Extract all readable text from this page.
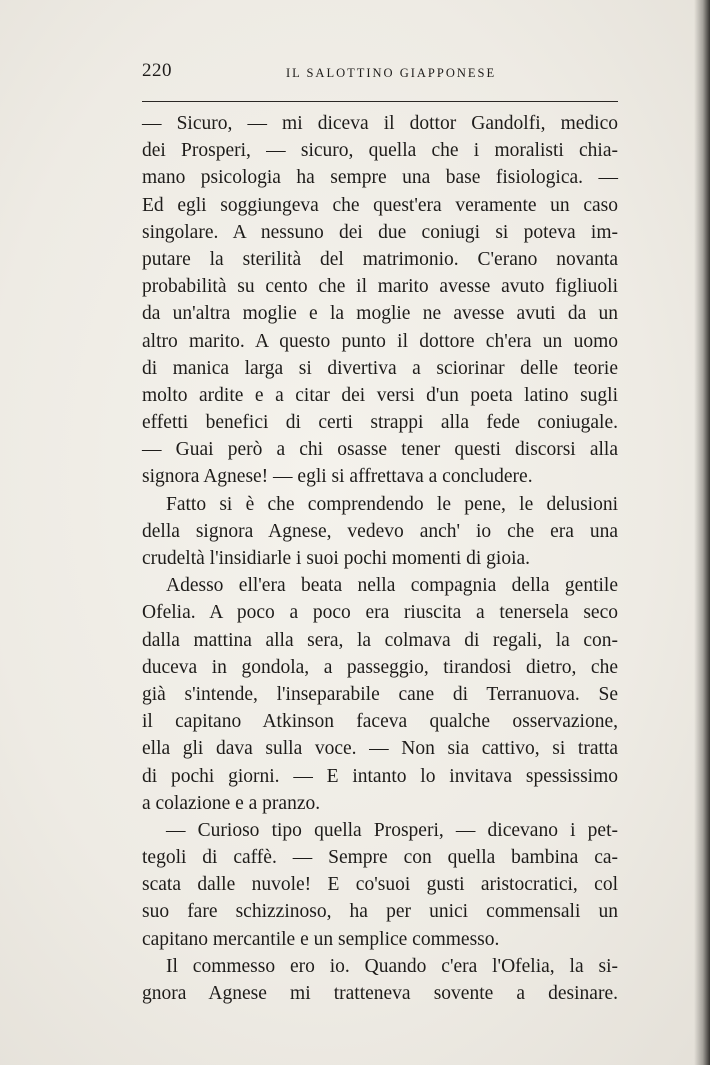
220	IL SALOTTINO GIAPPONESE
— Sicuro, — mi diceva il dottor Gandolfi, medico
dei Prosperi, — sicuro, quella che i moralisti chia-
mano psicologia ha sempre una base fisiologica. —
Ed egli soggiungeva che quest'era veramente un caso
singolare. A nessuno dei due coniugi si poteva im-
putare la sterilità del matrimonio. C'erano novanta
probabilità su cento che il marito avesse avuto figliuoli
da un'altra moglie e la moglie ne avesse avuti da un
altro marito. A questo punto il dottore ch'era un uomo
di manica larga si divertiva a sciorinar delle teorie
molto ardite e a citar dei versi d'un poeta latino sugli
effetti benefici di certi strappi alla fede coniugale.
— Guai però a chi osasse tener questi discorsi alla
signora Agnese! — egli si affrettava a concludere.
Fatto si è che comprendendo le pene, le delusioni
della signora Agnese, vedevo anch' io che era una
crudeltà l'insidiarle i suoi pochi momenti di gioia.
Adesso ell'era beata nella compagnia della gentile
Ofelia. A poco a poco era riuscita a tenersela seco
dalla mattina alla sera, la colmava di regali, la con-
duceva in gondola, a passeggio, tirandosi dietro, che
già s'intende, l'inseparabile cane di Terranuova. Se
il capitano Atkinson faceva qualche osservazione,
ella gli dava sulla voce. — Non sia cattivo, si tratta
di pochi giorni. — E intanto lo invitava spessissimo
a colazione e a pranzo.
— Curioso tipo quella Prosperi, — dicevano i pet-
tegoli di caffè. — Sempre con quella bambina ca-
scata dalle nuvole! E co'suoi gusti aristocratici, col
suo fare schizzinoso, ha per unici commensali un
capitano mercantile e un semplice commesso.
Il commesso ero io. Quando c'era l'Ofelia, la si-
gnora Agnese mi tratteneva sovente a desinare.
